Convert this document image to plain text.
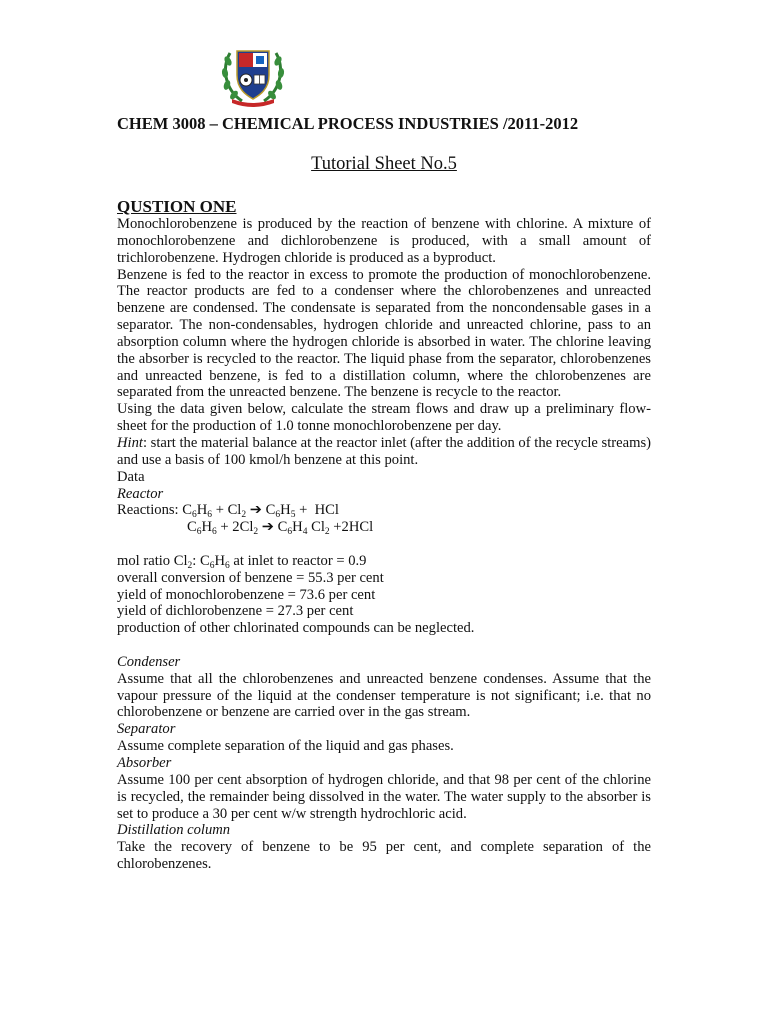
CHEM 3008 – CHEMICAL PROCESS INDUSTRIES /2011-2012
Tutorial Sheet No.5
QUSTION ONE

Monochlorobenzene is produced by the reaction of benzene with chlorine. A mixture of monochlorobenzene and dichlorobenzene is produced, with a small amount of trichlorobenzene. Hydrogen chloride is produced as a byproduct.

Benzene is fed to the reactor in excess to promote the production of monochlorobenzene. The reactor products are fed to a condenser where the chlorobenzenes and unreacted benzene are condensed. The condensate is separated from the noncondensable gases in a separator. The non-condensables, hydrogen chloride and unreacted chlorine, pass to an absorption column where the hydrogen chloride is absorbed in water. The chlorine leaving the absorber is recycled to the reactor. The liquid phase from the separator, chlorobenzenes and unreacted benzene, is fed to a distillation column, where the chlorobenzenes are separated from the unreacted benzene. The benzene is recycle to the reactor.

Using the data given below, calculate the stream flows and draw up a preliminary flow-sheet for the production of 1.0 tonne monochlorobenzene per day.

Hint: start the material balance at the reactor inlet (after the addition of the recycle streams) and use a basis of 100 kmol/h benzene at this point.

Data

Reactor

Reactions: $C_6H_6 + Cl_2$ ➔ $C_6H_5$ +  HCl

$C_6H_6 + 2Cl_2$ ➔ $C_6H_4$ $Cl_2 +2HCl$

mol ratio $Cl_2$: $C_6H_6$ at inlet to reactor = 0.9

overall conversion of benzene = 55.3 per cent

yield of monochlorobenzene = 73.6 per cent

yield of dichlorobenzene = 27.3 per cent

production of other chlorinated compounds can be neglected.

Condenser

Assume that all the chlorobenzenes and unreacted benzene condenses. Assume that the vapour pressure of the liquid at the condenser temperature is not significant; i.e. that no chlorobenzene or benzene are carried over in the gas stream.

Separator

Assume complete separation of the liquid and gas phases.

Absorber

Assume 100 per cent absorption of hydrogen chloride, and that 98 per cent of the chlorine is recycled, the remainder being dissolved in the water. The water supply to the absorber is set to produce a 30 per cent w/w strength hydrochloric acid.

Distillation column

Take the recovery of benzene to be 95 per cent, and complete separation of the chlorobenzenes.
